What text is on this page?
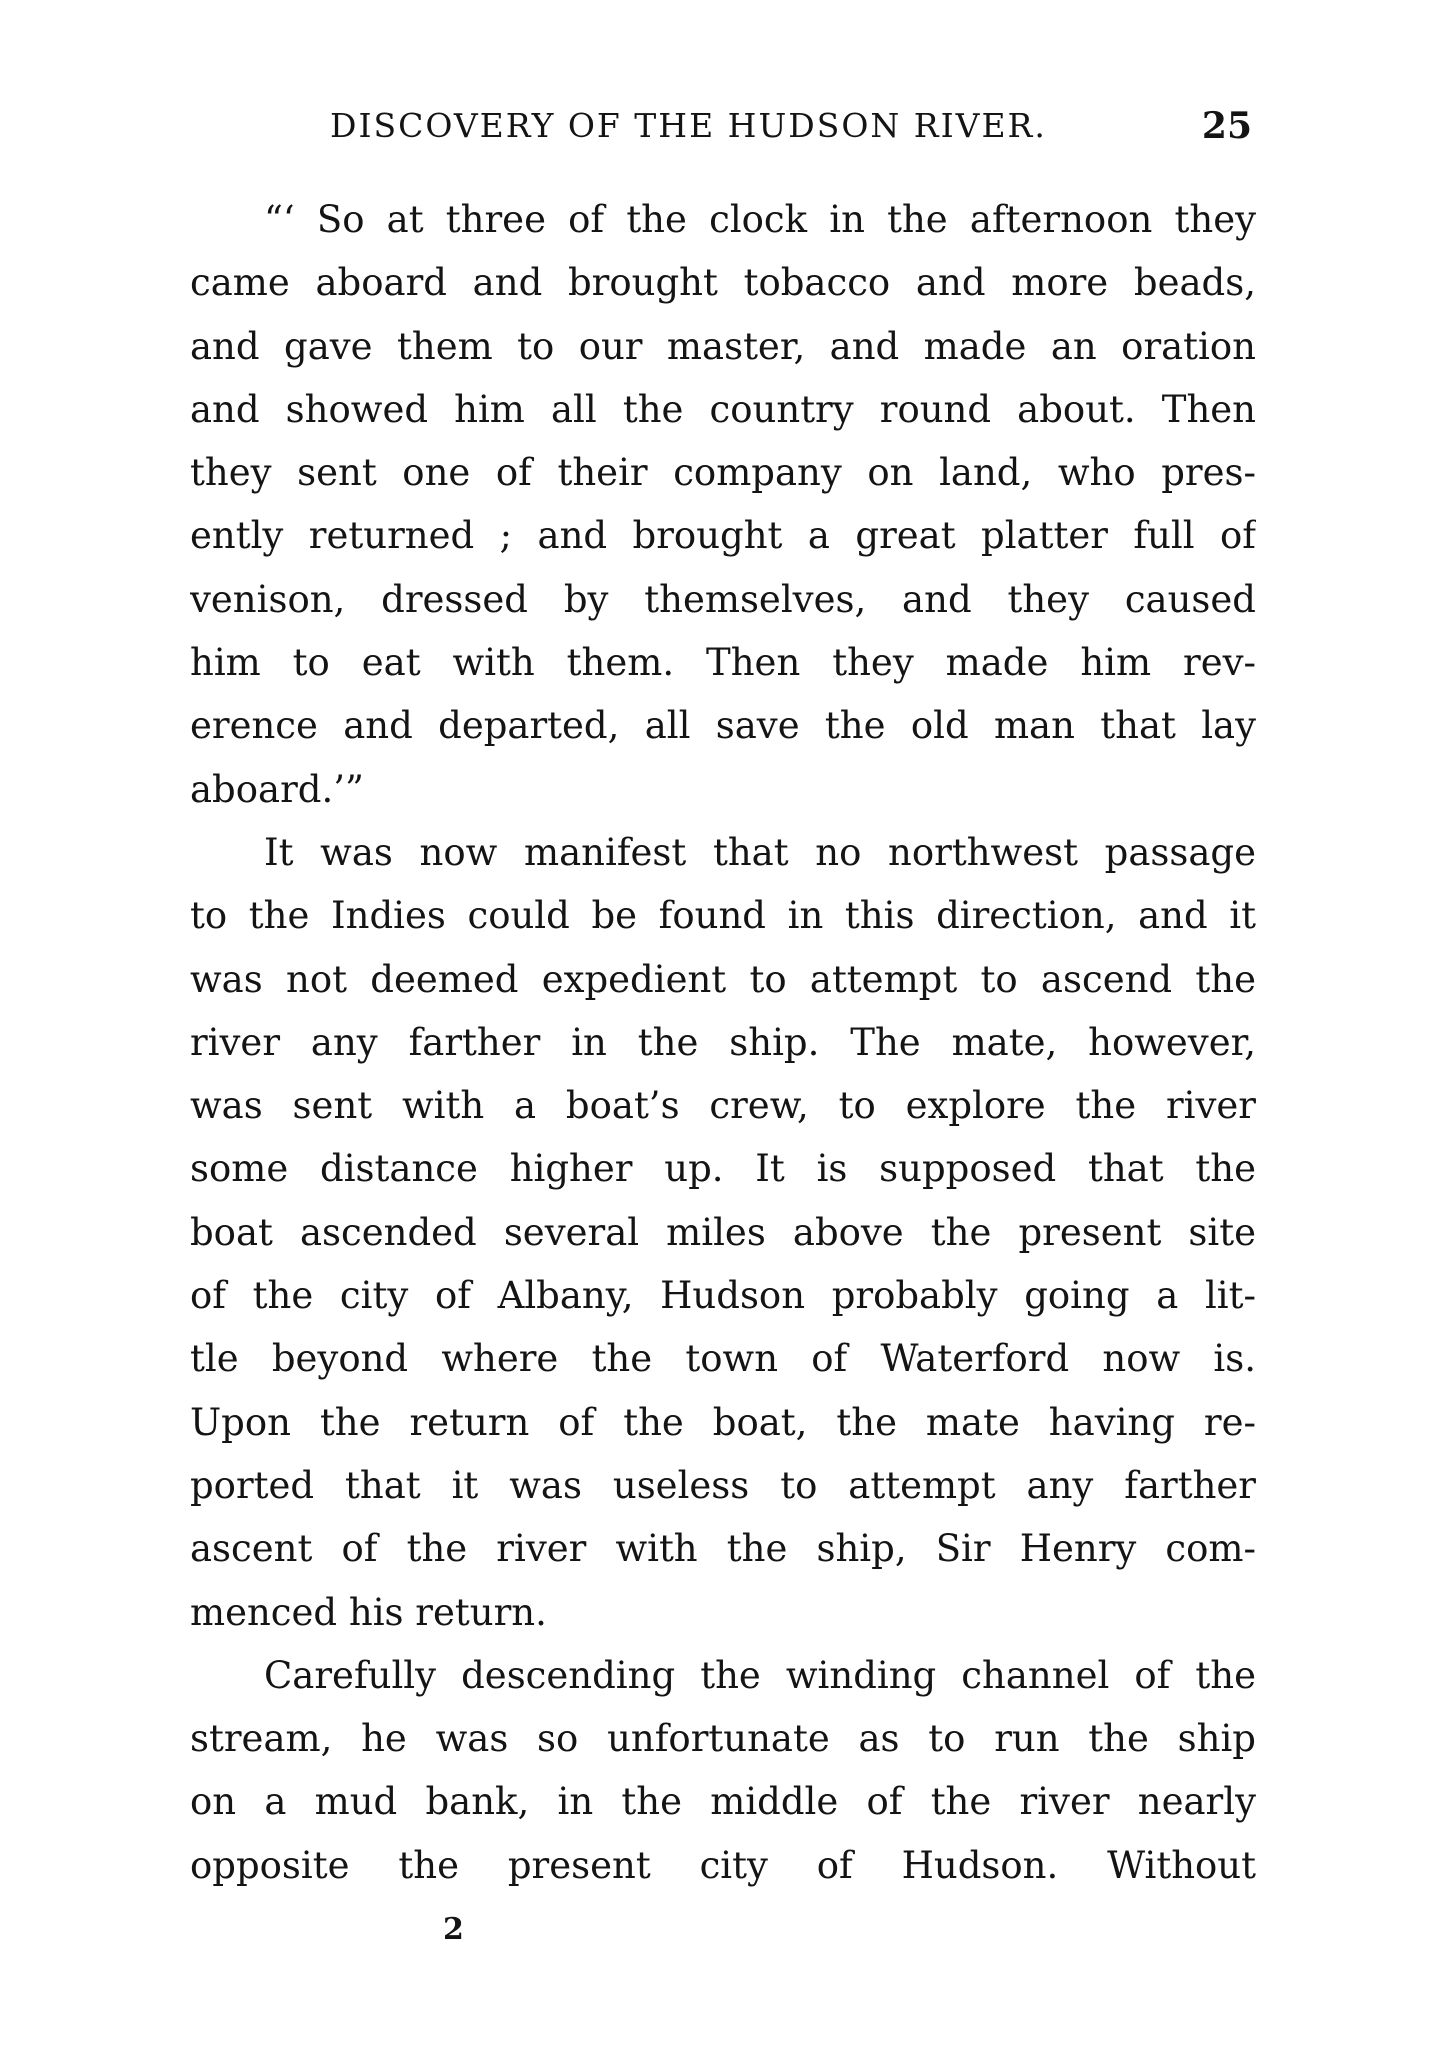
DISCOVERY OF THE HUDSON RIVER.	25
“‘ So at three of the clock in the afternoon they
came aboard and brought tobacco and more beads,
and gave them to our master, and made an oration
and showed him all the country round about. Then
they sent one of their company on land, who pres-
ently returned ; and brought a great platter full of
venison, dressed by themselves, and they caused
him to eat with them. Then they made him rev-
erence and departed, all save the old man that lay
aboard.’”
It was now manifest that no northwest passage
to the Indies could be found in this direction, and it
was not deemed expedient to attempt to ascend the
river any farther in the ship. The mate, however,
was sent with a boat’s crew, to explore the river
some distance higher up. It is supposed that the
boat ascended several miles above the present site
of the city of Albany, Hudson probably going a lit-
tle beyond where the town of Waterford now is.
Upon the return of the boat, the mate having re-
ported that it was useless to attempt any farther
ascent of the river with the ship, Sir Henry com-
menced his return.
Carefully descending the winding channel of the
stream, he was so unfortunate as to run the ship
on a mud bank, in the middle of the river nearly
opposite the present city of Hudson. Without
2
